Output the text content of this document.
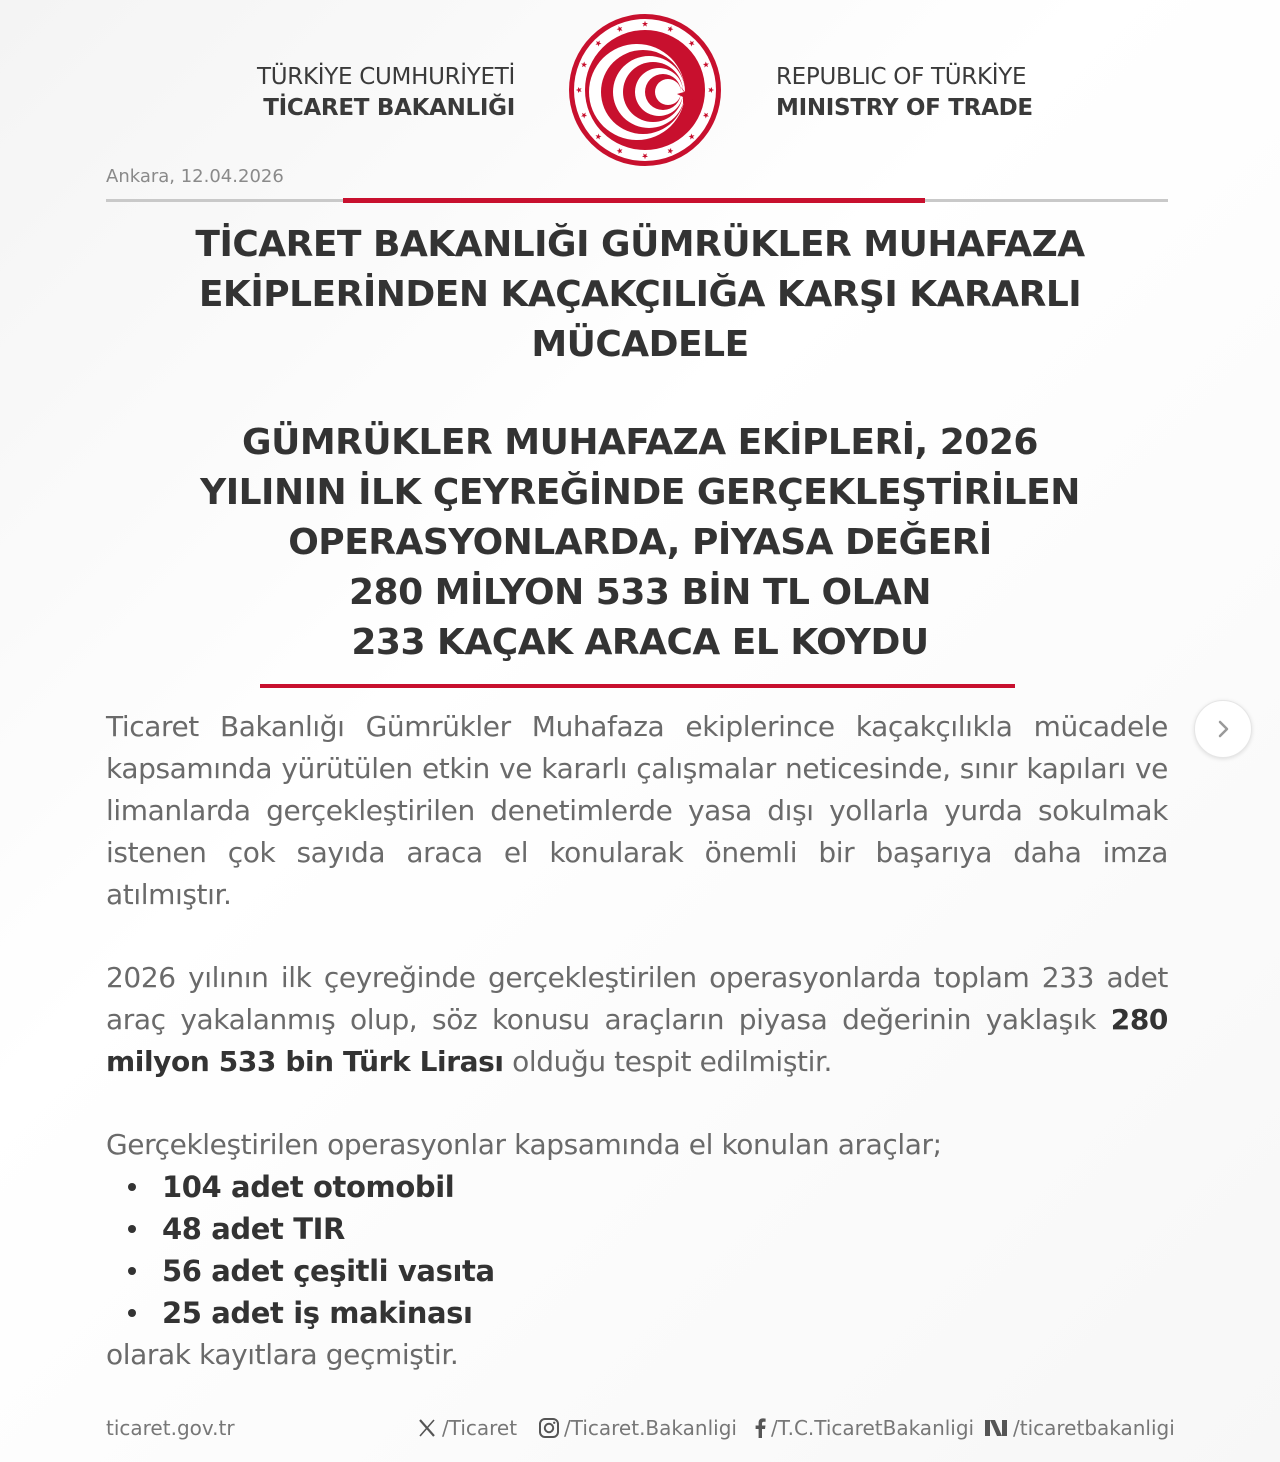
TÜRKİYE CUMHURİYETİ
TİCARET BAKANLIĞI
REPUBLIC OF TÜRKİYE
MINISTRY OF TRADE
Ankara, 12.04.2026
TİCARET BAKANLIĞI GÜMRÜKLER MUHAFAZA EKİPLERİNDEN KAÇAKÇILIĞA KARŞI KARARLI MÜCADELE
GÜMRÜKLER MUHAFAZA EKİPLERİ, 2026
YILININ İLK ÇEYREĞİNDE GERÇEKLEŞTİRİLEN
OPERASYONLARDA, PİYASA DEĞERİ
280 MİLYON 533 BİN TL OLAN
233 KAÇAK ARACA EL KOYDU
Ticaret Bakanlığı Gümrükler Muhafaza ekiplerince kaçakçılıkla mücadele kapsamında yürütülen etkin ve kararlı çalışmalar neticesinde, sınır kapıları ve limanlarda gerçekleştirilen denetimlerde yasa dışı yollarla yurda sokulmak istenen çok sayıda araca el konularak önemli bir başarıya daha imza atılmıştır.
2026 yılının ilk çeyreğinde gerçekleştirilen operasyonlarda toplam 233 adet araç yakalanmış olup, söz konusu araçların piyasa değerinin yaklaşık 280 milyon 533 bin Türk Lirası olduğu tespit edilmiştir.
Gerçekleştirilen operasyonlar kapsamında el konulan araçlar;
104 adet otomobil
48 adet TIR
56 adet çeşitli vasıta
25 adet iş makinası
olarak kayıtlara geçmiştir.
ticaret.gov.tr	/Ticaret /Ticaret.Bakanligi /T.C.TicaretBakanligi /ticaretbakanligi
